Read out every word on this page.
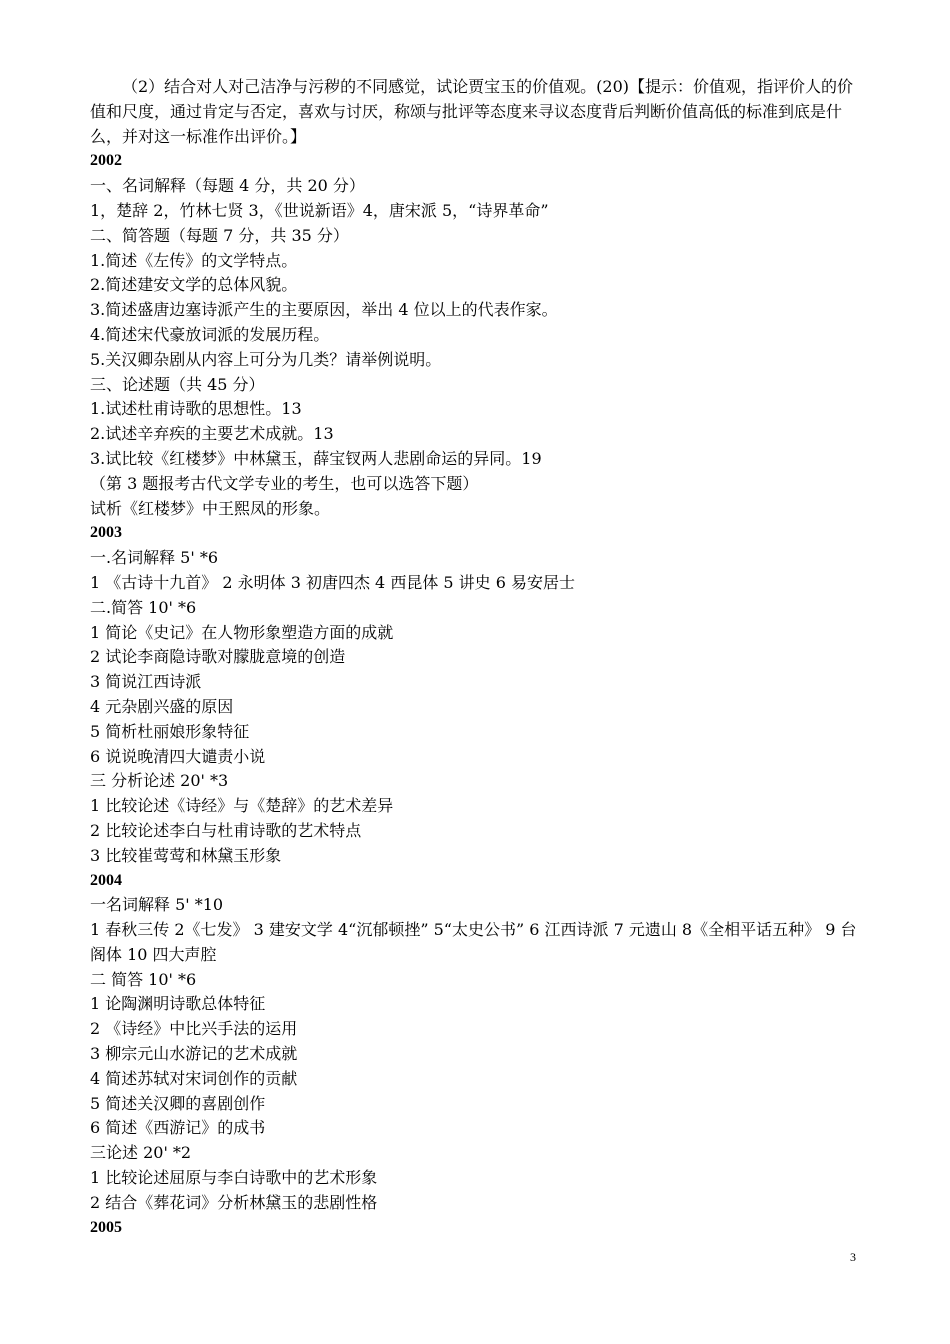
（2）结合对人对己洁净与污秽的不同感觉，试论贾宝玉的价值观。(20)【提示：价值观，指评价人的价值和尺度，通过肯定与否定，喜欢与讨厌，称颂与批评等态度来寻议态度背后判断价值高低的标准到底是什么，并对这一标准作出评价。】
2002
一、名词解释（每题 4 分，共 20 分）
1，楚辞 2，竹林七贤 3，《世说新语》4，唐宋派 5，“诗界革命”
二、简答题（每题 7 分，共 35 分）
1.简述《左传》的文学特点。
2.简述建安文学的总体风貌。
3.简述盛唐边塞诗派产生的主要原因，举出 4 位以上的代表作家。
4.简述宋代豪放词派的发展历程。
5.关汉卿杂剧从内容上可分为几类？请举例说明。
三、论述题（共 45 分）
1.试述杜甫诗歌的思想性。13
2.试述辛弃疾的主要艺术成就。13
3.试比较《红楼梦》中林黛玉，薛宝钗两人悲剧命运的异同。19
（第 3 题报考古代文学专业的考生，也可以选答下题）
试析《红楼梦》中王熙凤的形象。
2003
一.名词解释 5' *6
1 《古诗十九首》 2 永明体 3 初唐四杰 4 西昆体 5 讲史 6 易安居士
二.简答 10' *6
1 简论《史记》在人物形象塑造方面的成就
2 试论李商隐诗歌对朦胧意境的创造
3 简说江西诗派
4 元杂剧兴盛的原因
5 简析杜丽娘形象特征
6 说说晚清四大谴责小说
三 分析论述 20' *3
1 比较论述《诗经》与《楚辞》的艺术差异
2 比较论述李白与杜甫诗歌的艺术特点
3 比较崔莺莺和林黛玉形象
2004
一名词解释 5' *10
1 春秋三传 2《七发》 3 建安文学 4“沉郁顿挫” 5“太史公书” 6 江西诗派 7 元遗山 8《全相平话五种》 9 台阁体 10 四大声腔
二 简答 10' *6
1 论陶渊明诗歌总体特征
2 《诗经》中比兴手法的运用
3 柳宗元山水游记的艺术成就
4 简述苏轼对宋词创作的贡献
5 简述关汉卿的喜剧创作
6 简述《西游记》的成书
三论述 20' *2
1 比较论述屈原与李白诗歌中的艺术形象
2 结合《葬花词》分析林黛玉的悲剧性格
2005
3
